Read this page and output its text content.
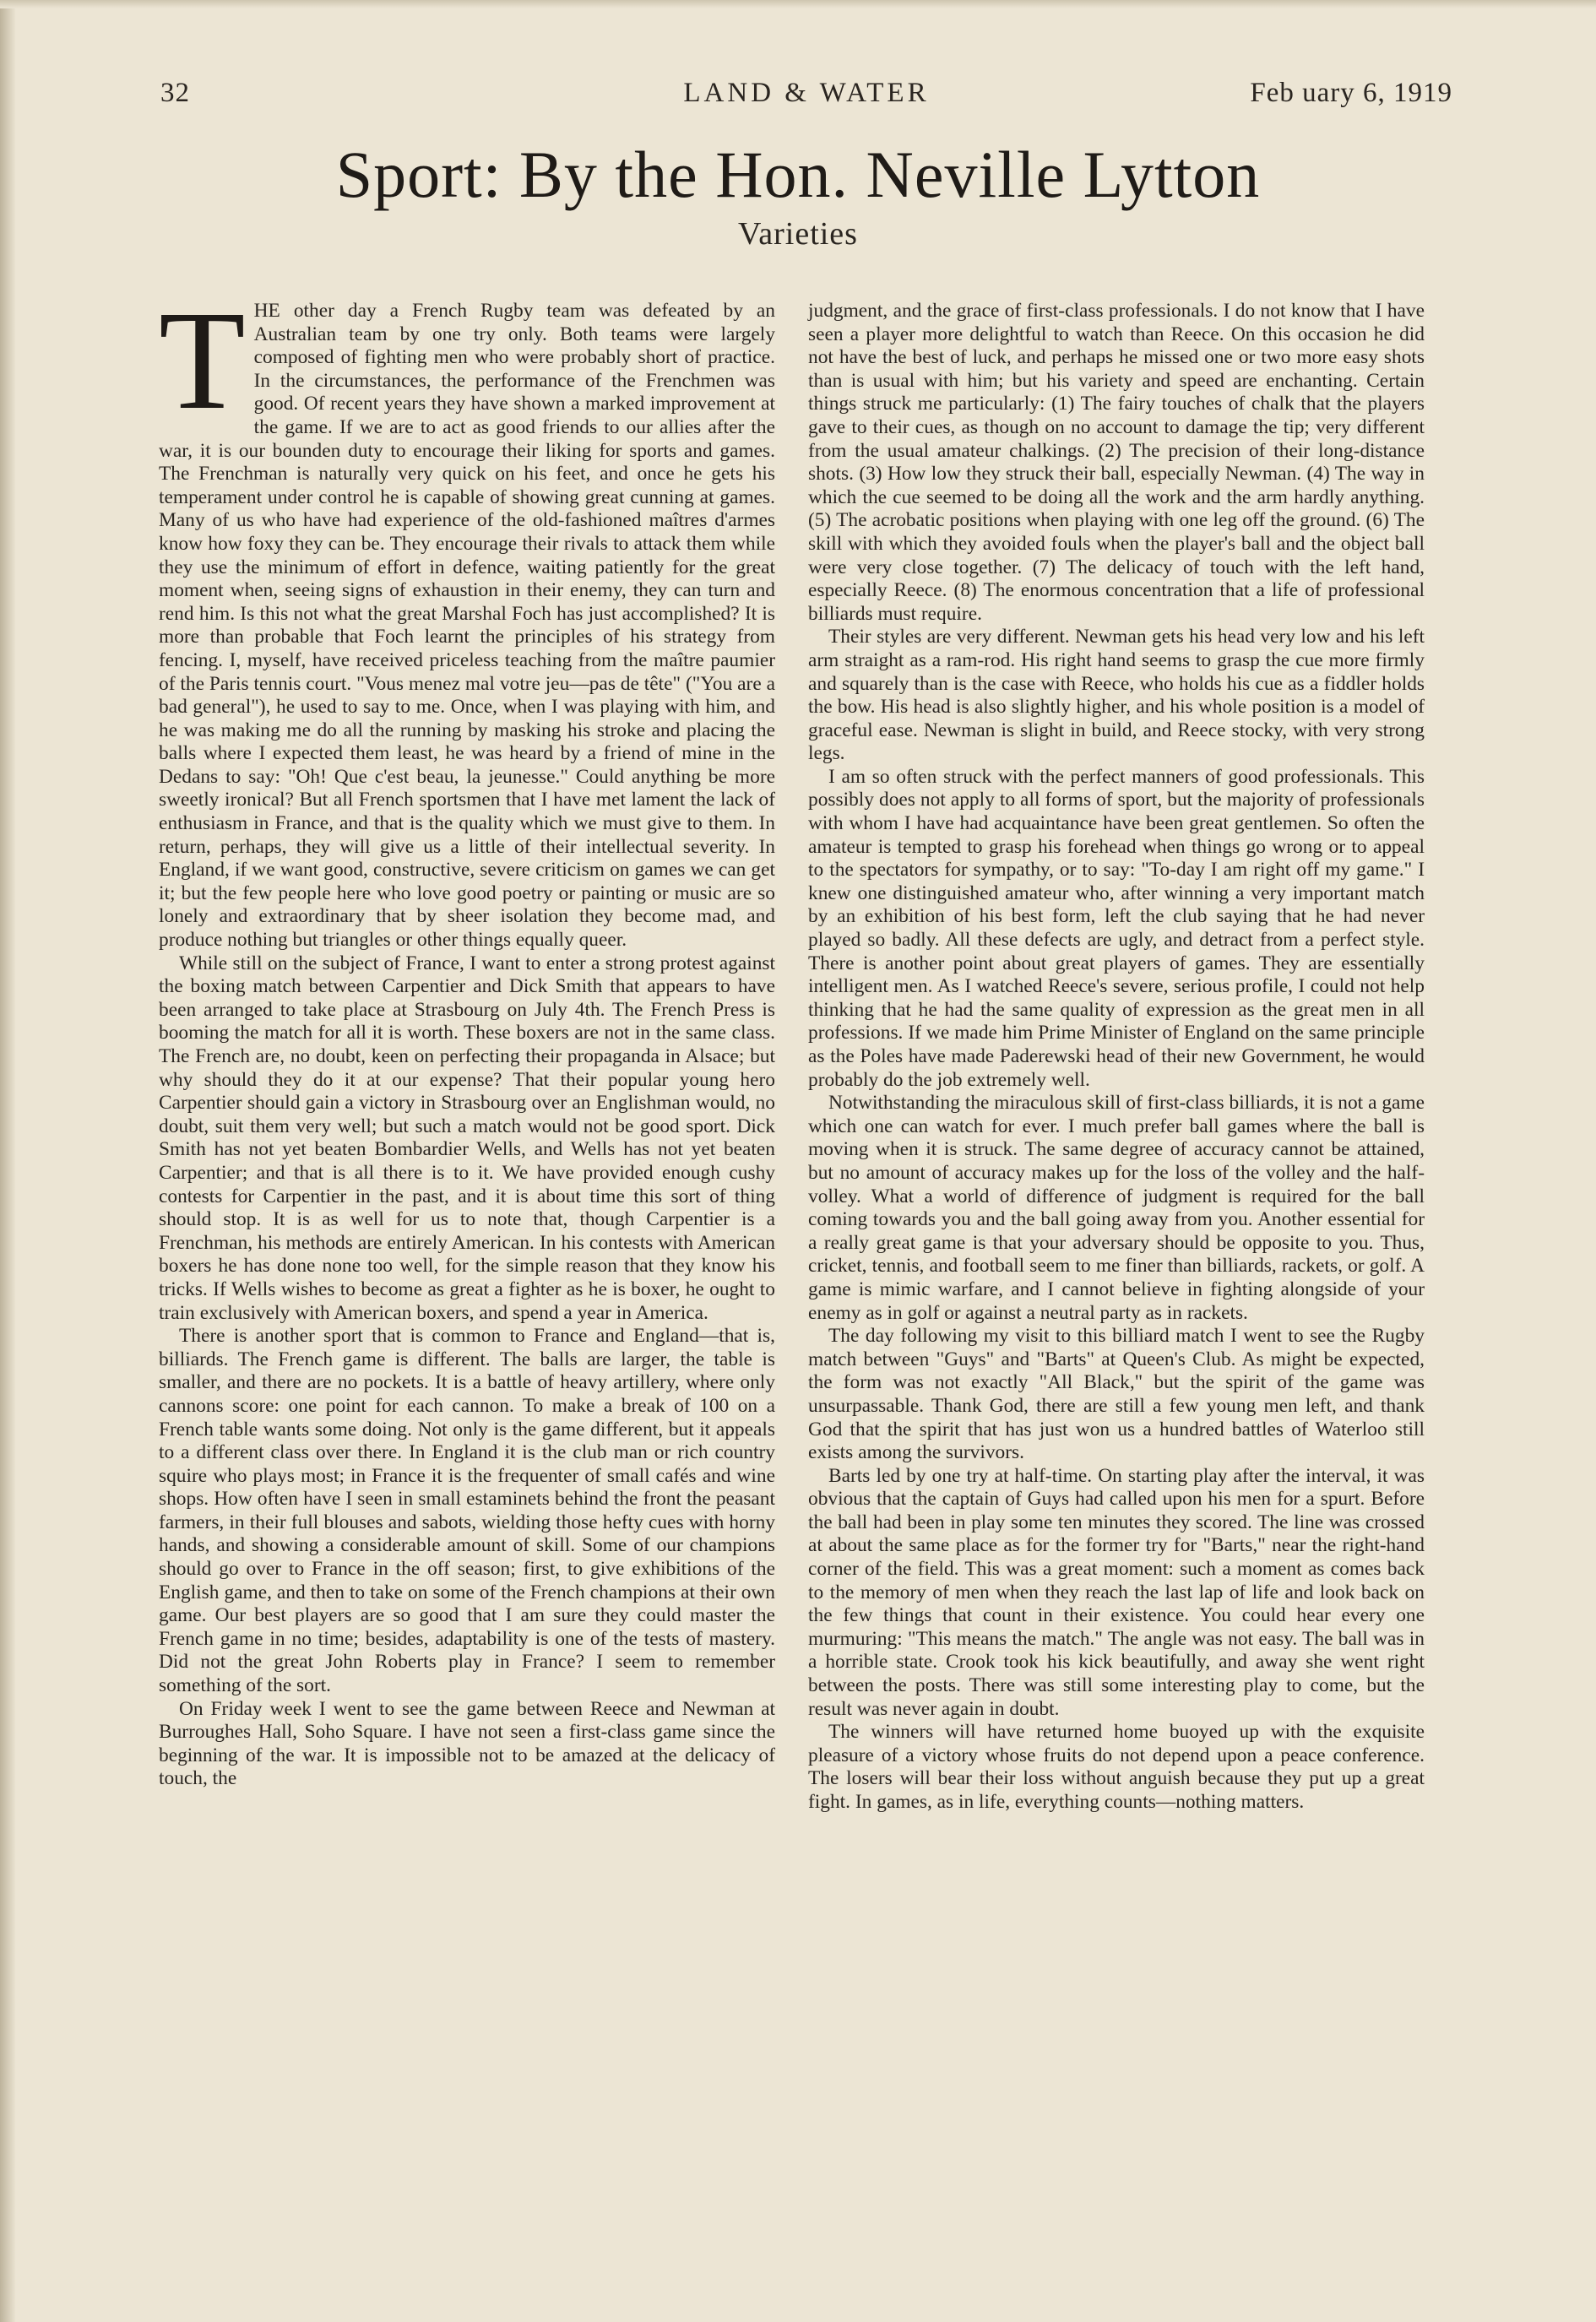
32	LAND & WATER	Feb uary 6, 1919
Sport: By the Hon. Neville Lytton
Varieties

THE other day a French Rugby team was defeated by an Australian team by one try only. Both teams were largely composed of fighting men who were probably short of practice. In the circumstances, the performance of the Frenchmen was good. Of recent years they have shown a marked improvement at the game. If we are to act as good friends to our allies after the war, it is our bounden duty to encourage their liking for sports and games. The Frenchman is naturally very quick on his feet, and once he gets his temperament under control he is capable of showing great cunning at games. Many of us who have had experience of the old-fashioned maîtres d'armes know how foxy they can be. They encourage their rivals to attack them while they use the minimum of effort in defence, waiting patiently for the great moment when, seeing signs of exhaustion in their enemy, they can turn and rend him. Is this not what the great Marshal Foch has just accomplished? It is more than probable that Foch learnt the principles of his strategy from fencing. I, myself, have received priceless teaching from the maître paumier of the Paris tennis court. "Vous menez mal votre jeu—pas de tête" ("You are a bad general"), he used to say to me. Once, when I was playing with him, and he was making me do all the running by masking his stroke and placing the balls where I expected them least, he was heard by a friend of mine in the Dedans to say: "Oh! Que c'est beau, la jeunesse." Could anything be more sweetly ironical? But all French sportsmen that I have met lament the lack of enthusiasm in France, and that is the quality which we must give to them. In return, perhaps, they will give us a little of their intellectual severity. In England, if we want good, constructive, severe criticism on games we can get it; but the few people here who love good poetry or painting or music are so lonely and extraordinary that by sheer isolation they become mad, and produce nothing but triangles or other things equally queer.

While still on the subject of France, I want to enter a strong protest against the boxing match between Carpentier and Dick Smith that appears to have been arranged to take place at Strasbourg on July 4th. The French Press is booming the match for all it is worth. These boxers are not in the same class. The French are, no doubt, keen on perfecting their propaganda in Alsace; but why should they do it at our expense? That their popular young hero Carpentier should gain a victory in Strasbourg over an Englishman would, no doubt, suit them very well; but such a match would not be good sport. Dick Smith has not yet beaten Bombardier Wells, and Wells has not yet beaten Carpentier; and that is all there is to it. We have provided enough cushy contests for Carpentier in the past, and it is about time this sort of thing should stop. It is as well for us to note that, though Carpentier is a Frenchman, his methods are entirely American. In his contests with American boxers he has done none too well, for the simple reason that they know his tricks. If Wells wishes to become as great a fighter as he is boxer, he ought to train exclusively with American boxers, and spend a year in America.

There is another sport that is common to France and England—that is, billiards. The French game is different. The balls are larger, the table is smaller, and there are no pockets. It is a battle of heavy artillery, where only cannons score: one point for each cannon. To make a break of 100 on a French table wants some doing. Not only is the game different, but it appeals to a different class over there. In England it is the club man or rich country squire who plays most; in France it is the frequenter of small cafés and wine shops. How often have I seen in small estaminets behind the front the peasant farmers, in their full blouses and sabots, wielding those hefty cues with horny hands, and showing a considerable amount of skill. Some of our champions should go over to France in the off season; first, to give exhibitions of the English game, and then to take on some of the French champions at their own game. Our best players are so good that I am sure they could master the French game in no time; besides, adaptability is one of the tests of mastery. Did not the great John Roberts play in France? I seem to remember something of the sort.

On Friday week I went to see the game between Reece and Newman at Burroughes Hall, Soho Square. I have not seen a first-class game since the beginning of the war. It is impossible not to be amazed at the delicacy of touch, the

judgment, and the grace of first-class professionals. I do not know that I have seen a player more delightful to watch than Reece. On this occasion he did not have the best of luck, and perhaps he missed one or two more easy shots than is usual with him; but his variety and speed are enchanting. Certain things struck me particularly: (1) The fairy touches of chalk that the players gave to their cues, as though on no account to damage the tip; very different from the usual amateur chalkings. (2) The precision of their long-distance shots. (3) How low they struck their ball, especially Newman. (4) The way in which the cue seemed to be doing all the work and the arm hardly anything. (5) The acrobatic positions when playing with one leg off the ground. (6) The skill with which they avoided fouls when the player's ball and the object ball were very close together. (7) The delicacy of touch with the left hand, especially Reece. (8) The enormous concentration that a life of professional billiards must require.

Their styles are very different. Newman gets his head very low and his left arm straight as a ram-rod. His right hand seems to grasp the cue more firmly and squarely than is the case with Reece, who holds his cue as a fiddler holds the bow. His head is also slightly higher, and his whole position is a model of graceful ease. Newman is slight in build, and Reece stocky, with very strong legs.

I am so often struck with the perfect manners of good professionals. This possibly does not apply to all forms of sport, but the majority of professionals with whom I have had acquaintance have been great gentlemen. So often the amateur is tempted to grasp his forehead when things go wrong or to appeal to the spectators for sympathy, or to say: "To-day I am right off my game." I knew one distinguished amateur who, after winning a very important match by an exhibition of his best form, left the club saying that he had never played so badly. All these defects are ugly, and detract from a perfect style. There is another point about great players of games. They are essentially intelligent men. As I watched Reece's severe, serious profile, I could not help thinking that he had the same quality of expression as the great men in all professions. If we made him Prime Minister of England on the same principle as the Poles have made Paderewski head of their new Government, he would probably do the job extremely well.

Notwithstanding the miraculous skill of first-class billiards, it is not a game which one can watch for ever. I much prefer ball games where the ball is moving when it is struck. The same degree of accuracy cannot be attained, but no amount of accuracy makes up for the loss of the volley and the half-volley. What a world of difference of judgment is required for the ball coming towards you and the ball going away from you. Another essential for a really great game is that your adversary should be opposite to you. Thus, cricket, tennis, and football seem to me finer than billiards, rackets, or golf. A game is mimic warfare, and I cannot believe in fighting alongside of your enemy as in golf or against a neutral party as in rackets.

The day following my visit to this billiard match I went to see the Rugby match between "Guys" and "Barts" at Queen's Club. As might be expected, the form was not exactly "All Black," but the spirit of the game was unsurpassable. Thank God, there are still a few young men left, and thank God that the spirit that has just won us a hundred battles of Waterloo still exists among the survivors.

Barts led by one try at half-time. On starting play after the interval, it was obvious that the captain of Guys had called upon his men for a spurt. Before the ball had been in play some ten minutes they scored. The line was crossed at about the same place as for the former try for "Barts," near the right-hand corner of the field. This was a great moment: such a moment as comes back to the memory of men when they reach the last lap of life and look back on the few things that count in their existence. You could hear every one murmuring: "This means the match." The angle was not easy. The ball was in a horrible state. Crook took his kick beautifully, and away she went right between the posts. There was still some interesting play to come, but the result was never again in doubt.

The winners will have returned home buoyed up with the exquisite pleasure of a victory whose fruits do not depend upon a peace conference. The losers will bear their loss without anguish because they put up a great fight. In games, as in life, everything counts—nothing matters.
